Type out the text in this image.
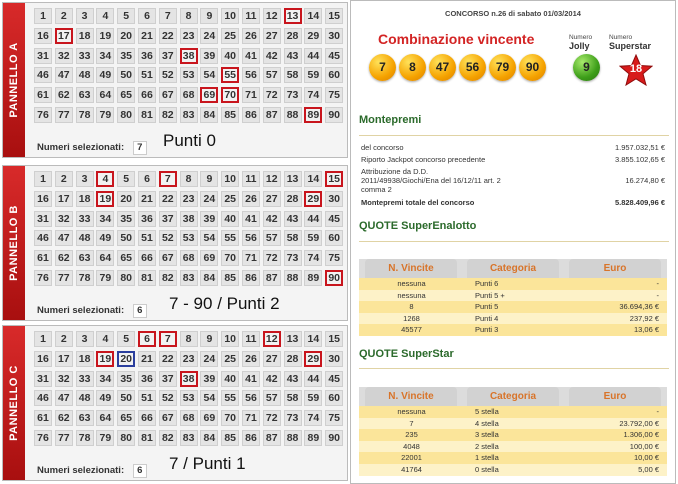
PANNELLO A
1	2	3	4	5	6	7	8	9	10 11 12 13 14 15
16 17 18 19 20 21 22 23 24 25 26 27 28 29 30
31 32 33 34 35 36 37 38 39 40 41 42 43 44 45
46 47 48 49 50 51 52 53 54 55 56 57 58 59 60
61 62 63 64 65 66 67 68 69 70 71 72 73 74 75
76 77 78 79 80 81 82 83 84 85 86 87 88 89 90
Numeri selezionati: 7 Punti 0
PANNELLO B
1	2	3	4	5	6	7	8	9	10 11 12 13 14 15
16 17 18 19 20 21 22 23 24 25 26 27 28 29 30
31 32 33 34 35 36 37 38 39 40 41 42 43 44 45
46 47 48 49 50 51 52 53 54 55 56 57 58 59 60
61 62 63 64 65 66 67 68 69 70 71 72 73 74 75
76 77 78 79 80 81 82 83 84 85 86 87 88 89 90
Numeri selezionati: 6 7 - 90 / Punti 2
PANNELLO C
1	2	3	4	5	6	7	8	9	10 11 12 13 14 15
16 17 18 19 20 21 22 23 24 25 26 27 28 29 30
31 32 33 34 35 36 37 38 39 40 41 42 43 44 45
46 47 48 49 50 51 52 53 54 55 56 57 58 59 60
61 62 63 64 65 66 67 68 69 70 71 72 73 74 75
76 77 78 79 80 81 82 83 84 85 86 87 88 89 90
Numeri selezionati: 6 7 / Punti 1
CONCORSO n.26 di sabato 01/03/2014
Combinazione vincente
7	8	47	56	79	90
Numero
Jolly
9
Numero
Superstar
18
Montepremi
del concorso	1.957.032,51 €
Riporto Jackpot concorso precedente	3.855.102,65 €
Attribuzione da D.D.
2011/49938/Giochi/Ena del 16/12/11 art. 2	16.274,80 €
comma 2
Montepremi totale del concorso	5.828.409,96 €
QUOTE SuperEnalotto
N. Vincite	Categoria	Euro
nessuna	Punti 6	-
nessuna	Punti 5 +	-
8	Punti 5	36.694,36 €
1268	Punti 4	237,92 €
45577	Punti 3	13,06 €
QUOTE SuperStar
N. Vincite	Categoria	Euro
nessuna	5 stella	-
7	4 stella	23.792,00 €
235	3 stella	1.306,00 €
4048	2 stella	100,00 €
22001	1 stella	10,00 €
41764	0 stella	5,00 €
